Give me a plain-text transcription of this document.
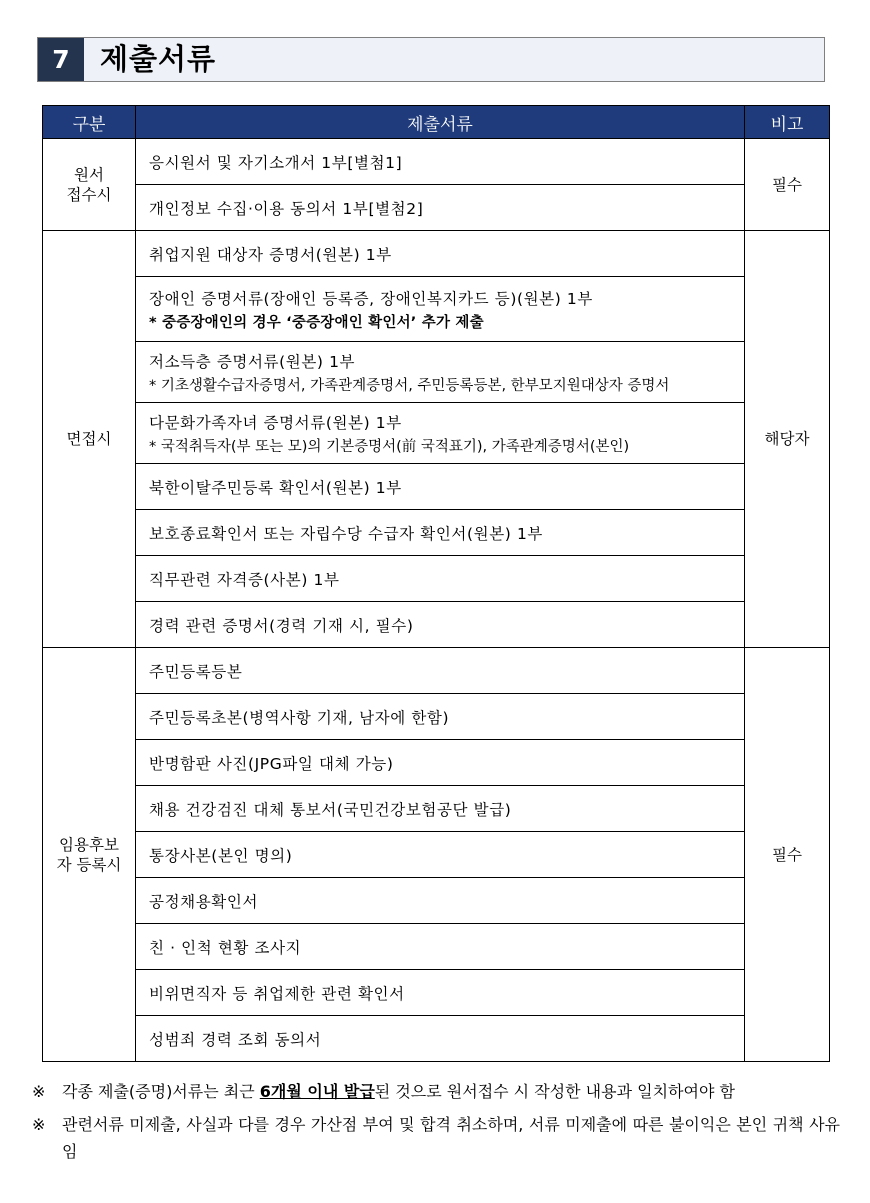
7	제출서류
구분	제출서류	비고
원서
접수시	응시원서 및 자기소개서 1부[별첨1]	필수
	개인정보 수집·이용 동의서 1부[별첨2]	
면접시	취업지원 대상자 증명서(원본) 1부	해당자
	장애인 증명서류(장애인 등록증, 장애인복지카드 등)(원본) 1부
* 중증장애인의 경우 ‘중증장애인 확인서’ 추가 제출	

	저소득층 증명서류(원본) 1부
* 기초생활수급자증명서, 가족관계증명서, 주민등록등본, 한부모지원대상자 증명서	

	다문화가족자녀 증명서류(원본) 1부
* 국적취득자(부 또는 모)의 기본증명서(前 국적표기), 가족관계증명서(본인)	

	북한이탈주민등록 확인서(원본) 1부	
	보호종료확인서 또는 자립수당 수급자 확인서(원본) 1부	
	직무관련 자격증(사본) 1부	
	경력 관련 증명서(경력 기재 시, 필수)	
임용후보
자 등록시	주민등록등본	필수
	주민등록초본(병역사항 기재, 남자에 한함)	
	반명함판 사진(JPG파일 대체 가능)	
	채용 건강검진 대체 통보서(국민건강보험공단 발급)	
	통장사본(본인 명의)	
	공정채용확인서	
	친 · 인척 현황 조사지	
	비위면직자 등 취업제한 관련 확인서	
	성범죄 경력 조회 동의서	
※	각종 제출(증명)서류는 최근 6개월 이내 발급된 것으로 원서접수 시 작성한 내용과 일치하여야 함
※	관련서류 미제출, 사실과 다를 경우 가산점 부여 및 합격 취소하며, 서류 미제출에 따른 불이익은 본인 귀책 사유임
